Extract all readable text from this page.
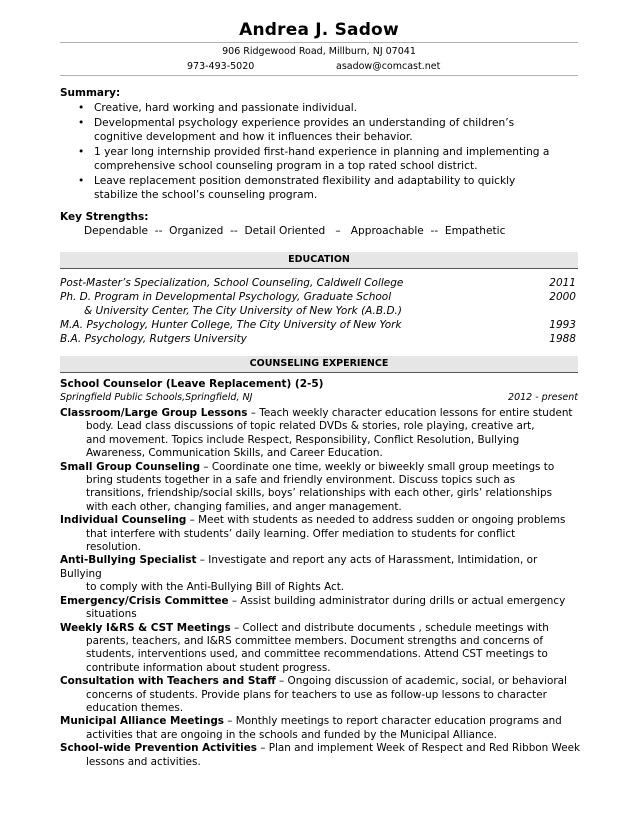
Andrea J. Sadow
906 Ridgewood Road, Millburn, NJ 07041
973-493-5020	asadow@comcast.net
Summary:
• Creative, hard working and passionate individual.
• Developmental psychology experience provides an understanding of children’s
cognitive development and how it influences their behavior.
• 1 year long internship provided first-hand experience in planning and implementing a
comprehensive school counseling program in a top rated school district.
• Leave replacement position demonstrated flexibility and adaptability to quickly
stabilize the school’s counseling program.
Key Strengths:
Dependable  --  Organized  --  Detail Oriented   –   Approachable  --  Empathetic
EDUCATION
Post-Master’s Specialization, School Counseling, Caldwell College	2011
Ph. D. Program in Developmental Psychology, Graduate School	2000
& University Center, The City University of New York (A.B.D.)
M.A. Psychology, Hunter College, The City University of New York	1993
B.A. Psychology, Rutgers University	1988
COUNSELING EXPERIENCE
School Counselor (Leave Replacement) (2-5)
Springfield Public Schools,Springfield, NJ	2012 - present
Classroom/Large Group Lessons – Teach weekly character education lessons for entire student
body. Lead class discussions of topic related DVDs & stories, role playing, creative art,
and movement. Topics include Respect, Responsibility, Conflict Resolution, Bullying
Awareness, Communication Skills, and Career Education.
Small Group Counseling – Coordinate one time, weekly or biweekly small group meetings to
bring students together in a safe and friendly environment. Discuss topics such as
transitions, friendship/social skills, boys’ relationships with each other, girls’ relationships
with each other, changing families, and anger management.
Individual Counseling – Meet with students as needed to address sudden or ongoing problems
that interfere with students’ daily learning. Offer mediation to students for conflict
resolution.
Anti-Bullying Specialist – Investigate and report any acts of Harassment, Intimidation, or Bullying
to comply with the Anti-Bullying Bill of Rights Act.
Emergency/Crisis Committee – Assist building administrator during drills or actual emergency
situations
Weekly I&RS & CST Meetings – Collect and distribute documents , schedule meetings with
parents, teachers, and I&RS committee members. Document strengths and concerns of
students, interventions used, and committee recommendations. Attend CST meetings to
contribute information about student progress.
Consultation with Teachers and Staff – Ongoing discussion of academic, social, or behavioral
concerns of students. Provide plans for teachers to use as follow-up lessons to character
education themes.
Municipal Alliance Meetings – Monthly meetings to report character education programs and
activities that are ongoing in the schools and funded by the Municipal Alliance.
School-wide Prevention Activities – Plan and implement Week of Respect and Red Ribbon Week
lessons and activities.
